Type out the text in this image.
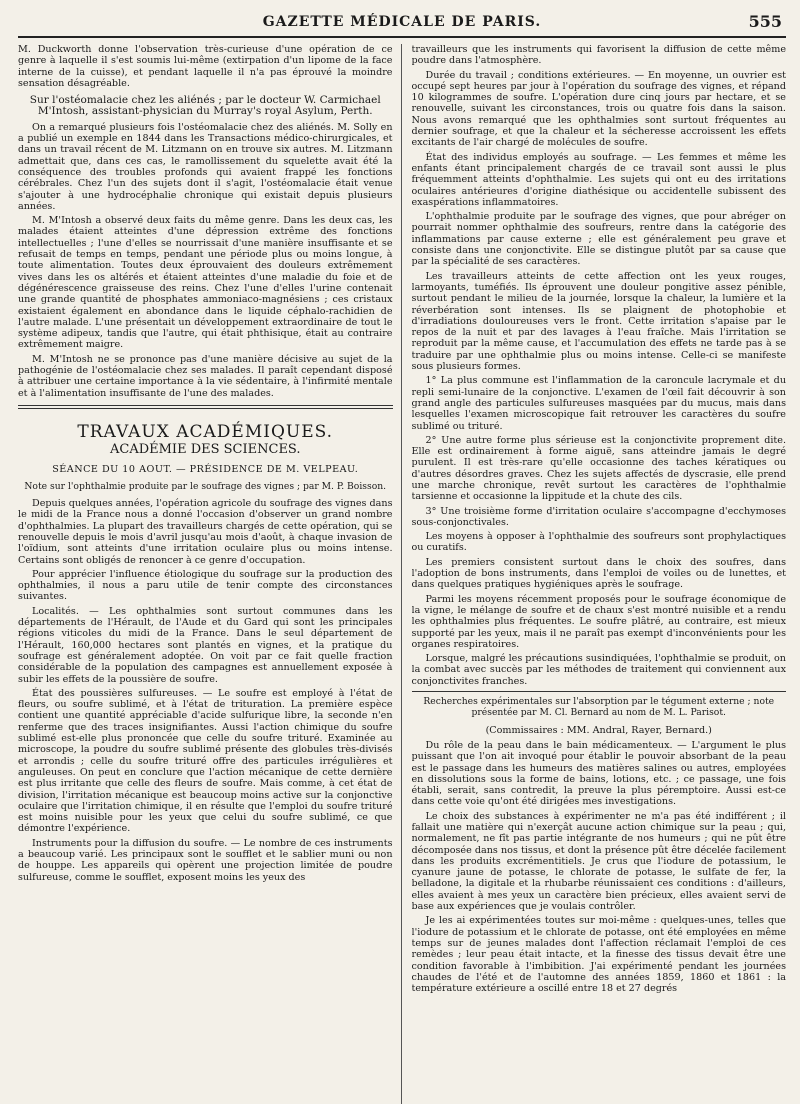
GAZETTE MÉDICALE DE PARIS.	555

M. Duckworth donne l'observation très-curieuse d'une opération de ce genre à laquelle il s'est soumis lui-même (extirpation d'un lipome de la face interne de la cuisse), et pendant laquelle il n'a pas éprouvé la moindre sensation désagréable.

Sur l'ostéomalacie chez les aliénés ; par le docteur W. Carmichael M'Intosh, assistant-physician du Murray's royal Asylum, Perth.

On a remarqué plusieurs fois l'ostéomalacie chez des aliénés. M. Solly en a publié un exemple en 1844 dans les Transactions médico-chirurgicales, et dans un travail récent de M. Litzmann on en trouve six autres. M. Litzmann admettait que, dans ces cas, le ramollissement du squelette avait été la conséquence des troubles profonds qui avaient frappé les fonctions cérébrales. Chez l'un des sujets dont il s'agit, l'ostéomalacie était venue s'ajouter à une hydrocéphalie chronique qui existait depuis plusieurs années.

M. M'Intosh a observé deux faits du même genre. Dans les deux cas, les malades étaient atteintes d'une dépression extrême des fonctions intellectuelles ; l'une d'elles se nourrissait d'une manière insuffisante et se refusait de temps en temps, pendant une période plus ou moins longue, à toute alimentation. Toutes deux éprouvaient des douleurs extrêmement vives dans les os altérés et étaient atteintes d'une maladie du foie et de dégénérescence graisseuse des reins. Chez l'une d'elles l'urine contenait une grande quantité de phosphates ammoniaco-magnésiens ; ces cristaux existaient également en abondance dans le liquide céphalo-rachidien de l'autre malade. L'une présentait un développement extraordinaire de tout le système adipeux, tandis que l'autre, qui était phthisique, était au contraire extrêmement maigre.

M. M'Intosh ne se prononce pas d'une manière décisive au sujet de la pathogénie de l'ostéomalacie chez ses malades. Il paraît cependant disposé à attribuer une certaine importance à la vie sédentaire, à l'infirmité mentale et à l'alimentation insuffisante de l'une des malades.

TRAVAUX ACADÉMIQUES.
ACADÉMIE DES SCIENCES.
SÉANCE DU 10 AOUT. — PRÉSIDENCE DE M. VELPEAU.
Note sur l'ophthalmie produite par le soufrage des vignes ; par M. P. Boisson.

Depuis quelques années, l'opération agricole du soufrage des vignes dans le midi de la France nous a donné l'occasion d'observer un grand nombre d'ophthalmies. La plupart des travailleurs chargés de cette opération, qui se renouvelle depuis le mois d'avril jusqu'au mois d'août, à chaque invasion de l'oïdium, sont atteints d'une irritation oculaire plus ou moins intense. Certains sont obligés de renoncer à ce genre d'occupation.

Pour apprécier l'influence étiologique du soufrage sur la production des ophthalmies, il nous a paru utile de tenir compte des circonstances suivantes.

Localités. — Les ophthalmies sont surtout communes dans les départements de l'Hérault, de l'Aude et du Gard qui sont les principales régions viticoles du midi de la France. Dans le seul département de l'Hérault, 160,000 hectares sont plantés en vignes, et la pratique du soufrage est généralement adoptée. On voit par ce fait quelle fraction considérable de la population des campagnes est annuellement exposée à subir les effets de la poussière de soufre.

État des poussières sulfureuses. — Le soufre est employé à l'état de fleurs, ou soufre sublimé, et à l'état de trituration. La première espèce contient une quantité appréciable d'acide sulfurique libre, la seconde n'en renferme que des traces insignifiantes. Aussi l'action chimique du soufre sublimé est-elle plus prononcée que celle du soufre trituré. Examinée au microscope, la poudre du soufre sublimé présente des globules très-divisés et arrondis ; celle du soufre trituré offre des particules irrégulières et anguleuses. On peut en conclure que l'action mécanique de cette dernière est plus irritante que celle des fleurs de soufre. Mais comme, à cet état de division, l'irritation mécanique est beaucoup moins active sur la conjonctive oculaire que l'irritation chimique, il en résulte que l'emploi du soufre trituré est moins nuisible pour les yeux que celui du soufre sublimé, ce que démontre l'expérience.

Instruments pour la diffusion du soufre. — Le nombre de ces instruments a beaucoup varié. Les principaux sont le soufflet et le sablier muni ou non de houppe. Les appareils qui opèrent une projection limitée de poudre sulfureuse, comme le soufflet, exposent moins les yeux des

travailleurs que les instruments qui favorisent la diffusion de cette même poudre dans l'atmosphère.

Durée du travail ; conditions extérieures. — En moyenne, un ouvrier est occupé sept heures par jour à l'opération du soufrage des vignes, et répand 10 kilogrammes de soufre. L'opération dure cinq jours par hectare, et se renouvelle, suivant les circonstances, trois ou quatre fois dans la saison. Nous avons remarqué que les ophthalmies sont surtout fréquentes au dernier soufrage, et que la chaleur et la sécheresse accroissent les effets excitants de l'air chargé de molécules de soufre.

État des individus employés au soufrage. — Les femmes et même les enfants étant principalement chargés de ce travail sont aussi le plus fréquemment atteints d'ophthalmie. Les sujets qui ont eu des irritations oculaires antérieures d'origine diathésique ou accidentelle subissent des exaspérations inflammatoires.

L'ophthalmie produite par le soufrage des vignes, que pour abréger on pourrait nommer ophthalmie des soufreurs, rentre dans la catégorie des inflammations par cause externe ; elle est généralement peu grave et consiste dans une conjonctivite. Elle se distingue plutôt par sa cause que par la spécialité de ses caractères.

Les travailleurs atteints de cette affection ont les yeux rouges, larmoyants, tuméfiés. Ils éprouvent une douleur pongitive assez pénible, surtout pendant le milieu de la journée, lorsque la chaleur, la lumière et la réverbération sont intenses. Ils se plaignent de photophobie et d'irradiations douloureuses vers le front. Cette irritation s'apaise par le repos de la nuit et par des lavages à l'eau fraîche. Mais l'irritation se reproduit par la même cause, et l'accumulation des effets ne tarde pas à se traduire par une ophthalmie plus ou moins intense. Celle-ci se manifeste sous plusieurs formes.

1° La plus commune est l'inflammation de la caroncule lacrymale et du repli semi-lunaire de la conjonctive. L'examen de l'œil fait découvrir à son grand angle des particules sulfureuses masquées par du mucus, mais dans lesquelles l'examen microscopique fait retrouver les caractères du soufre sublimé ou trituré.

2° Une autre forme plus sérieuse est la conjonctivite proprement dite. Elle est ordinairement à forme aiguë, sans atteindre jamais le degré purulent. Il est très-rare qu'elle occasionne des taches kératiques ou d'autres désordres graves. Chez les sujets affectés de dyscrasie, elle prend une marche chronique, revêt surtout les caractères de l'ophthalmie tarsienne et occasionne la lippitude et la chute des cils.

3° Une troisième forme d'irritation oculaire s'accompagne d'ecchymoses sous-conjonctivales.

Les moyens à opposer à l'ophthalmie des soufreurs sont prophylactiques ou curatifs.

Les premiers consistent surtout dans le choix des soufres, dans l'adoption de bons instruments, dans l'emploi de voiles ou de lunettes, et dans quelques pratiques hygiéniques après le soufrage.

Parmi les moyens récemment proposés pour le soufrage économique de la vigne, le mélange de soufre et de chaux s'est montré nuisible et a rendu les ophthalmies plus fréquentes. Le soufre plâtré, au contraire, est mieux supporté par les yeux, mais il ne paraît pas exempt d'inconvénients pour les organes respiratoires.

Lorsque, malgré les précautions susindiquées, l'ophthalmie se produit, on la combat avec succès par les méthodes de traitement qui conviennent aux conjonctivites franches.

Recherches expérimentales sur l'absorption par le tégument externe ; note présentée par M. Cl. Bernard au nom de M. L. Parisot.
(Commissaires : MM. Andral, Rayer, Bernard.)

Du rôle de la peau dans le bain médicamenteux. — L'argument le plus puissant que l'on ait invoqué pour établir le pouvoir absorbant de la peau est le passage dans les humeurs des matières salines ou autres, employées en dissolutions sous la forme de bains, lotions, etc. ; ce passage, une fois établi, serait, sans contredit, la preuve la plus péremptoire. Aussi est-ce dans cette voie qu'ont été dirigées mes investigations.

Le choix des substances à expérimenter ne m'a pas été indifférent ; il fallait une matière qui n'exerçât aucune action chimique sur la peau ; qui, normalement, ne fît pas partie intégrante de nos humeurs ; qui ne pût être décomposée dans nos tissus, et dont la présence pût être décelée facilement dans les produits excrémentitiels. Je crus que l'iodure de potassium, le cyanure jaune de potasse, le chlorate de potasse, le sulfate de fer, la belladone, la digitale et la rhubarbe réunissaient ces conditions : d'ailleurs, elles avaient à mes yeux un caractère bien précieux, elles avaient servi de base aux expériences que je voulais contrôler.

Je les ai expérimentées toutes sur moi-même : quelques-unes, telles que l'iodure de potassium et le chlorate de potasse, ont été employées en même temps sur de jeunes malades dont l'affection réclamait l'emploi de ces remèdes ; leur peau était intacte, et la finesse des tissus devait être une condition favorable à l'imbibition. J'ai expérimenté pendant les journées chaudes de l'été et de l'automne des années 1859, 1860 et 1861 : la température extérieure a oscillé entre 18 et 27 degrés
